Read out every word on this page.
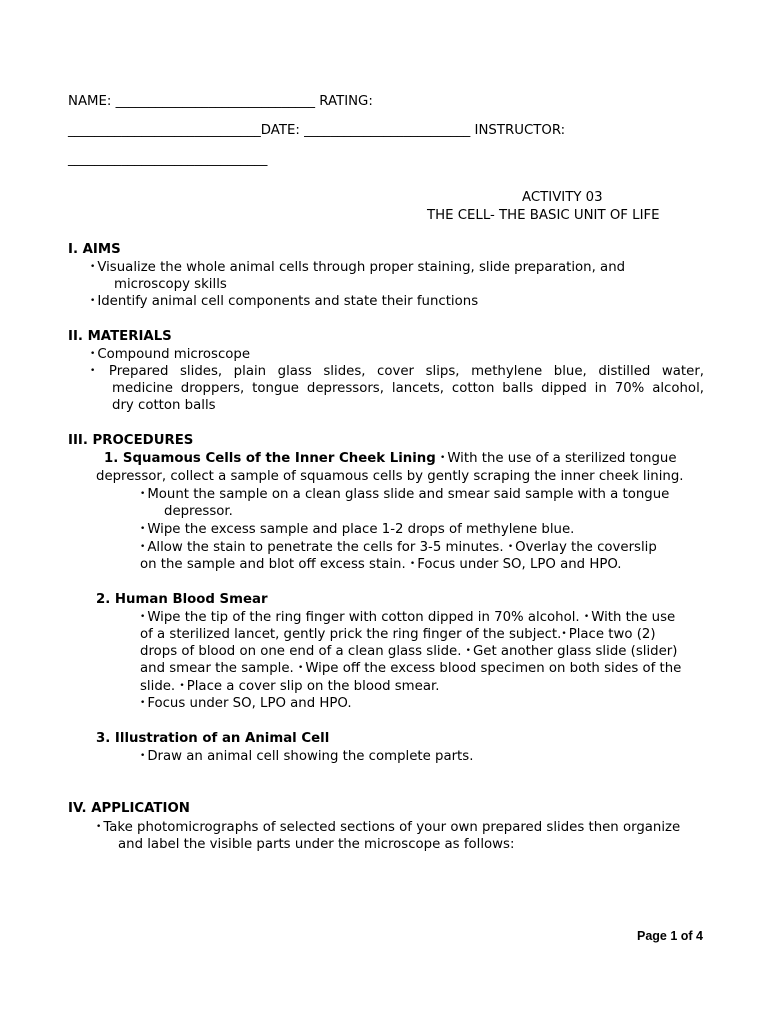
NAME: ______________________________ RATING:
_____________________________DATE: _________________________ INSTRUCTOR:
______________________________
ACTIVITY 03
THE CELL- THE BASIC UNIT OF LIFE
I. AIMS
• Visualize the whole animal cells through proper staining, slide preparation, and
microscopy skills
• Identify animal cell components and state their functions
II. MATERIALS
• Compound microscope
• Prepared slides, plain glass slides, cover slips, methylene blue, distilled water,
medicine droppers, tongue depressors, lancets, cotton balls dipped in 70% alcohol,
dry cotton balls
III. PROCEDURES
1. Squamous Cells of the Inner Cheek Lining • With the use of a sterilized tongue
depressor, collect a sample of squamous cells by gently scraping the inner cheek lining.
• Mount the sample on a clean glass slide and smear said sample with a tongue
depressor.
• Wipe the excess sample and place 1-2 drops of methylene blue.
• Allow the stain to penetrate the cells for 3-5 minutes. • Overlay the coverslip
on the sample and blot off excess stain. • Focus under SO, LPO and HPO.
2. Human Blood Smear
• Wipe the tip of the ring finger with cotton dipped in 70% alcohol. • With the use
of a sterilized lancet, gently prick the ring finger of the subject.• Place two (2)
drops of blood on one end of a clean glass slide. • Get another glass slide (slider)
and smear the sample. • Wipe off the excess blood specimen on both sides of the
slide. • Place a cover slip on the blood smear.
• Focus under SO, LPO and HPO.
3. Illustration of an Animal Cell
• Draw an animal cell showing the complete parts.
IV. APPLICATION
• Take photomicrographs of selected sections of your own prepared slides then organize
and label the visible parts under the microscope as follows:
Page 1 of 4
